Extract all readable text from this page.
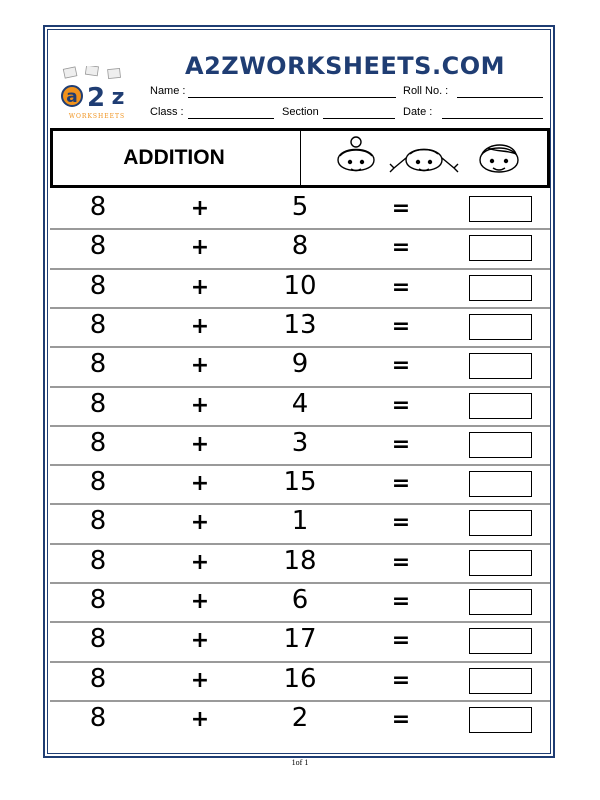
a 2 z
WORKSHEETS
A2ZWORKSHEETS.COM
Name :	Roll No. :
Class :	Section	Date :
ADDITION
8	+	5	=
8	+	8	=
8	+	10	=
8	+	13	=
8	+	9	=
8	+	4	=
8	+	3	=
8	+	15	=
8	+	1	=
8	+	18	=
8	+	6	=
8	+	17	=
8	+	16	=
8	+	2	=
1of 1
